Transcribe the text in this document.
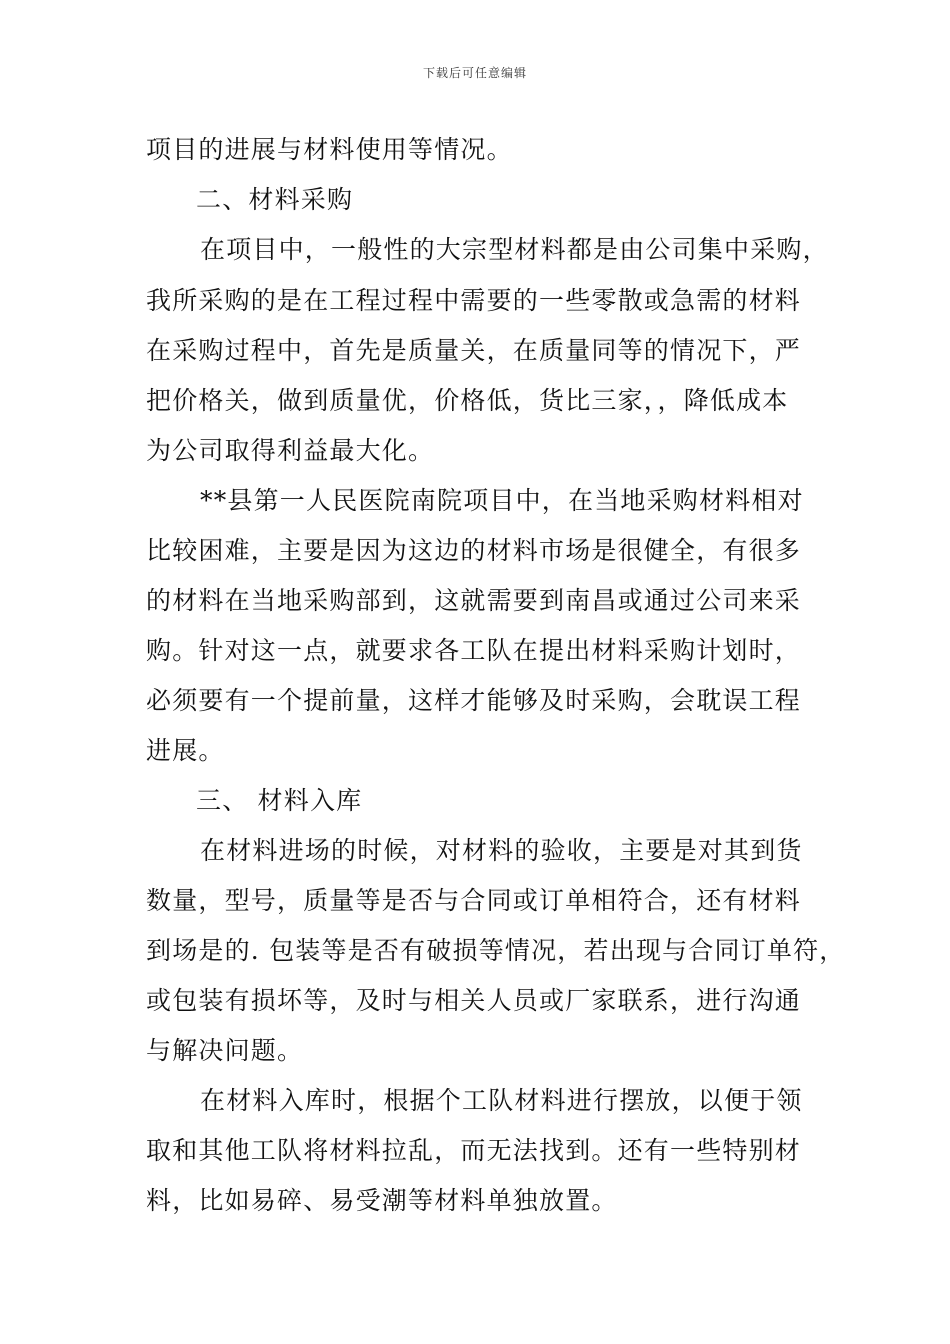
下载后可任意编辑
项目的进展与材料使用等情况。
二、材料采购
在项目中，一般性的大宗型材料都是由公司集中采购，
我所采购的是在工程过程中需要的一些零散或急需的材料
在采购过程中，首先是质量关，在质量同等的情况下，严
把价格关，做到质量优，价格低，货比三家，，降低成本
为公司取得利益最大化。
**县第一人民医院南院项目中，在当地采购材料相对
比较困难，主要是因为这边的材料市场是很健全，有很多
的材料在当地采购部到，这就需要到南昌或通过公司来采
购。针对这一点，就要求各工队在提出材料采购计划时，
必须要有一个提前量，这样才能够及时采购，会耽误工程
进展。
三、 材料入库
在材料进场的时候，对材料的验收，主要是对其到货
数量，型号，质量等是否与合同或订单相符合，还有材料
到场是的. 包装等是否有破损等情况，若出现与合同订单符，
或包装有损坏等，及时与相关人员或厂家联系，进行沟通
与解决问题。
在材料入库时，根据个工队材料进行摆放，以便于领
取和其他工队将材料拉乱，而无法找到。还有一些特别材
料，比如易碎、易受潮等材料单独放置。
